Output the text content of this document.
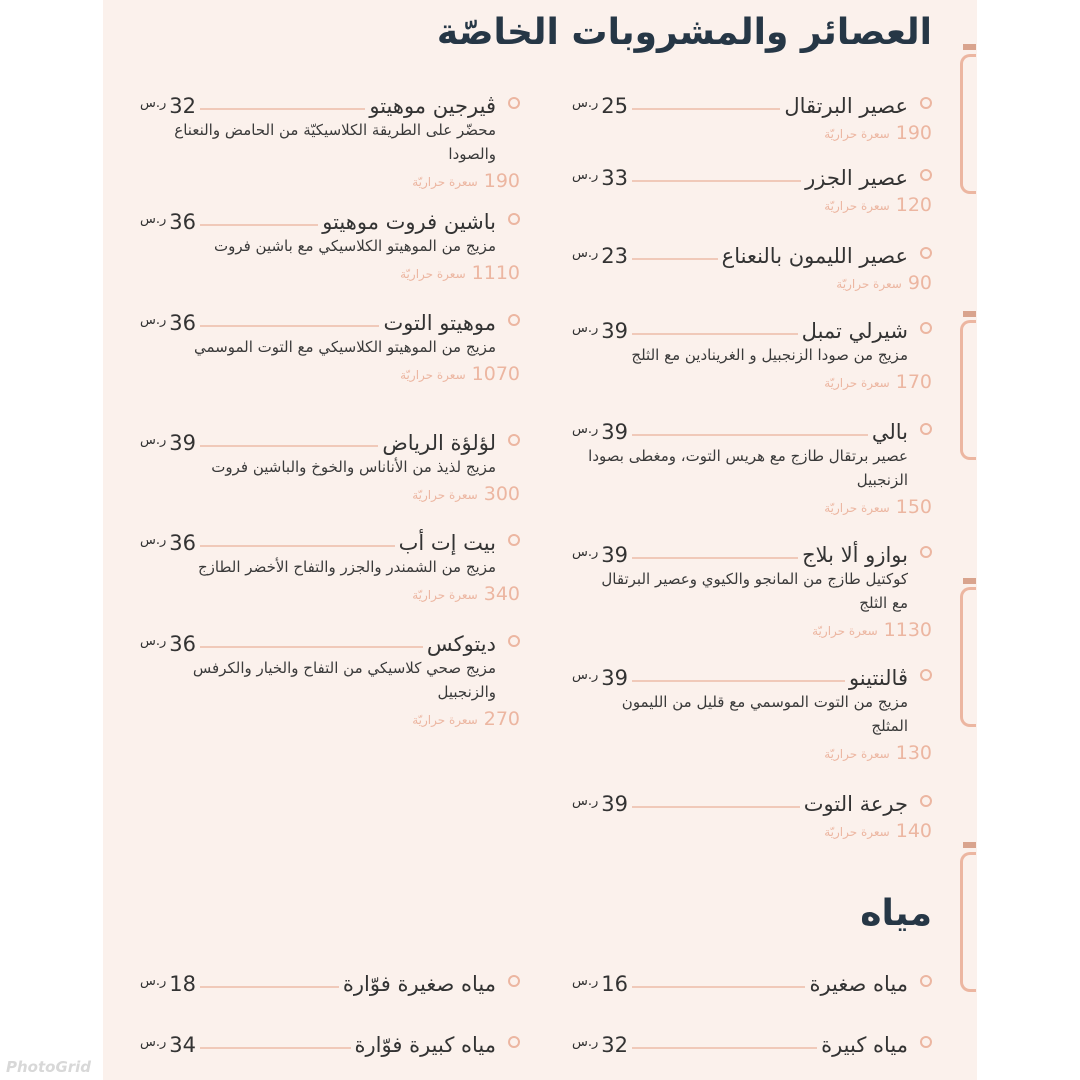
العصائر والمشروبات الخاصّة
مياه
عصير البرتقال
25
ر.س
190
سعرة حراريّة
عصير الجزر
33
ر.س
120
سعرة حراريّة
عصير الليمون بالنعناع
23
ر.س
90
سعرة حراريّة
شيرلي تمبل
39
ر.س
مزيج من صودا الزنجبيل و الغرينادين مع الثلج
170
سعرة حراريّة
بالي
39
ر.س
عصير برتقال طازج مع هريس التوت، ومغطى بصودا الزنجبيل
150
سعرة حراريّة
بوازو ألا بلاج
39
ر.س
كوكتيل طازج من المانجو والكيوي وعصير البرتقال مع الثلج
1130
سعرة حراريّة
ڤالنتينو
39
ر.س
مزيج من التوت الموسمي مع قليل من الليمون المثلج
130
سعرة حراريّة
جرعة التوت
39
ر.س
140
سعرة حراريّة
ڤيرجين موهيتو
32
ر.س
محضّر على الطريقة الكلاسيكيّة من الحامض والنعناع والصودا
190
سعرة حراريّة
باشين فروت موهيتو
36
ر.س
مزيج من الموهيتو الكلاسيكي مع باشين فروت
1110
سعرة حراريّة
موهيتو التوت
36
ر.س
مزيج من الموهيتو الكلاسيكي مع التوت الموسمي
1070
سعرة حراريّة
لؤلؤة الرياض
39
ر.س
مزيج لذيذ من الأناناس والخوخ والباشين فروت
300
سعرة حراريّة
بيت إت أب
36
ر.س
مزيج من الشمندر والجزر والتفاح الأخضر الطازج
340
سعرة حراريّة
ديتوكس
36
ر.س
مزيج صحي كلاسيكي من التفاح والخيار والكرفس والزنجبيل
270
سعرة حراريّة
مياه صغيرة
16
ر.س
مياه كبيرة
32
ر.س
مياه صغيرة فوّارة
18
ر.س
مياه كبيرة فوّارة
34
ر.س
PhotoGrid
